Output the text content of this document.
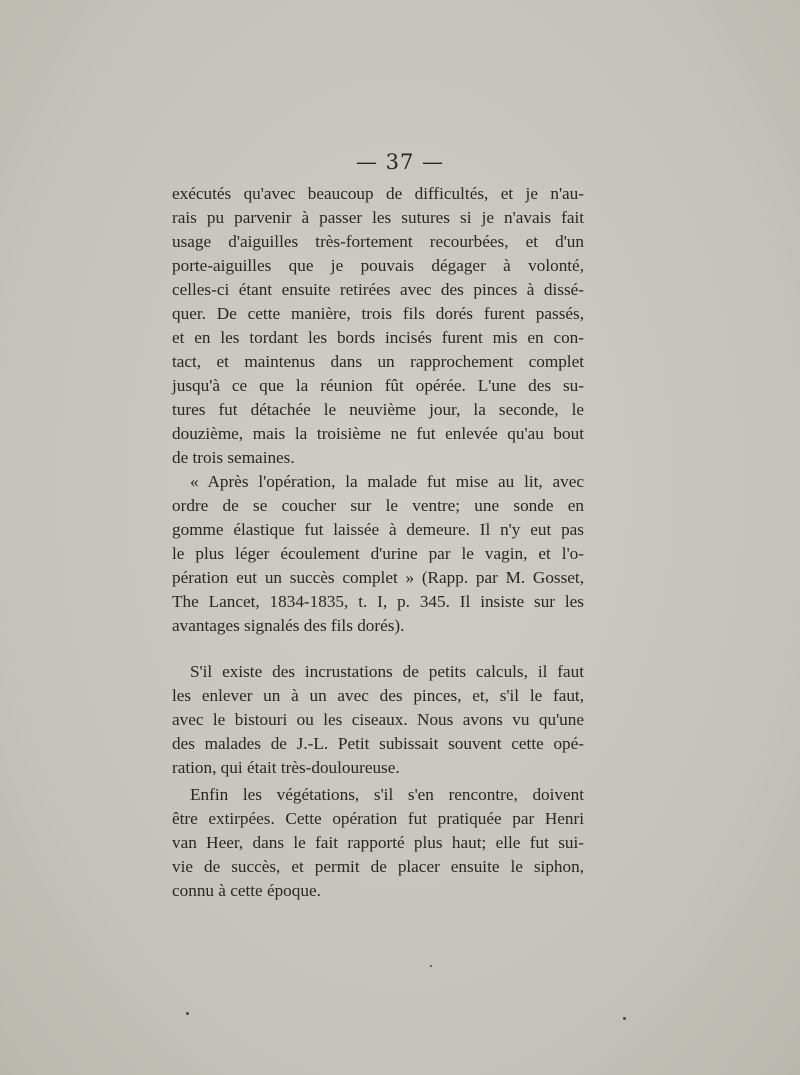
— 37 —
exécutés qu'avec beaucoup de difficultés, et je n'au-
rais pu parvenir à passer les sutures si je n'avais fait
usage d'aiguilles très-fortement recourbées, et d'un
porte-aiguilles que je pouvais dégager à volonté,
celles-ci étant ensuite retirées avec des pinces à dissé-
quer. De cette manière, trois fils dorés furent passés,
et en les tordant les bords incisés furent mis en con-
tact, et maintenus dans un rapprochement complet
jusqu'à ce que la réunion fût opérée. L'une des su-
tures fut détachée le neuvième jour, la seconde, le
douzième, mais la troisième ne fut enlevée qu'au bout
de trois semaines.
« Après l'opération, la malade fut mise au lit, avec
ordre de se coucher sur le ventre; une sonde en
gomme élastique fut laissée à demeure. Il n'y eut pas
le plus léger écoulement d'urine par le vagin, et l'o-
pération eut un succès complet » (Rapp. par M. Gosset,
The Lancet, 1834-1835, t. I, p. 345. Il insiste sur les
avantages signalés des fils dorés).
S'il existe des incrustations de petits calculs, il faut
les enlever un à un avec des pinces, et, s'il le faut,
avec le bistouri ou les ciseaux. Nous avons vu qu'une
des malades de J.-L. Petit subissait souvent cette opé-
ration, qui était très-douloureuse.
Enfin les végétations, s'il s'en rencontre, doivent
être extirpées. Cette opération fut pratiquée par Henri
van Heer, dans le fait rapporté plus haut; elle fut sui-
vie de succès, et permit de placer ensuite le siphon,
connu à cette époque.
